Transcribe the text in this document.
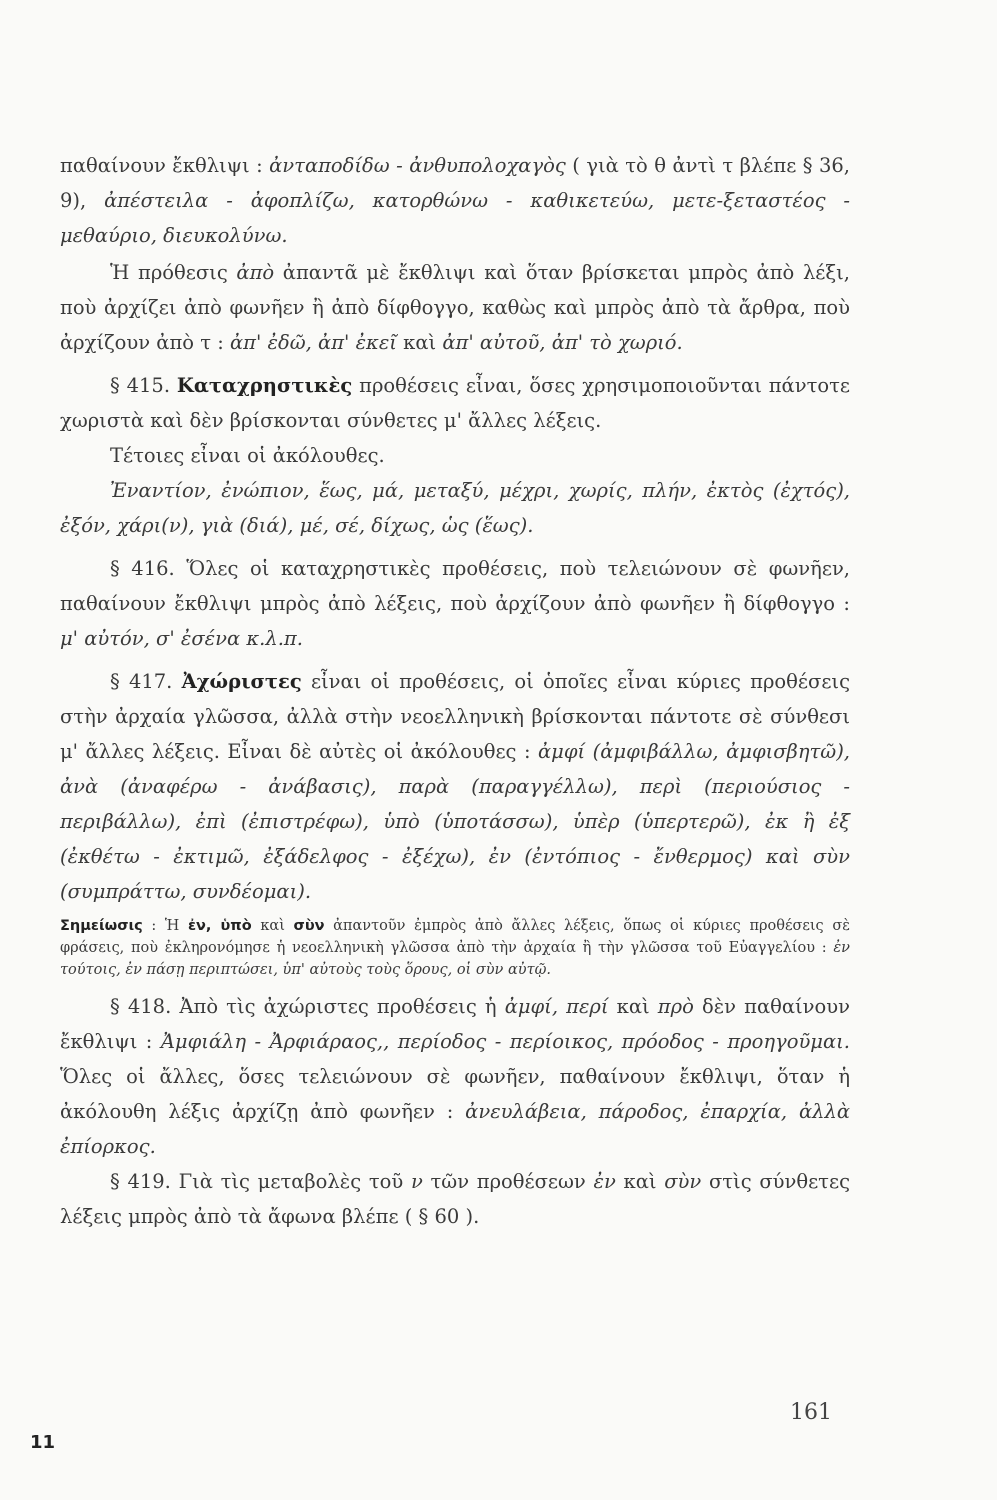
παθαίνουν ἔκθλιψι : ἀνταποδίδω - ἀνθυπολοχαγὸς ( γιὰ τὸ θ ἀντὶ τ βλέπε § 36, 9), ἀπέστειλα - ἀφοπλίζω, κατορθώνω - καθικετεύω, μετε-ξεταστέος - μεθαύριο, διευκολύνω.

Ἡ πρόθεσις ἀπὸ ἀπαντᾶ μὲ ἔκθλιψι καὶ ὅταν βρίσκεται μπρὸς ἀπὸ λέξι, ποὺ ἀρχίζει ἀπὸ φωνῆεν ἢ ἀπὸ δίφθογγο, καθὼς καὶ μπρὸς ἀπὸ τὰ ἄρθρα, ποὺ ἀρχίζουν ἀπὸ τ : ἀπ' ἐδῶ, ἀπ' ἐκεῖ καὶ ἀπ' αὐτοῦ, ἀπ' τὸ χωριό.

§ 415. Καταχρηστικὲς προθέσεις εἶναι, ὅσες χρησιμοποιοῦνται πάντοτε χωριστὰ καὶ δὲν βρίσκονται σύνθετες μ' ἄλλες λέξεις.

Τέτοιες εἶναι οἱ ἀκόλουθες.

Ἐναντίον, ἐνώπιον, ἕως, μά, μεταξύ, μέχρι, χωρίς, πλήν, ἐκτὸς (ἐχτός), ἐξόν, χάρι(ν), γιὰ (διά), μέ, σέ, δίχως, ὡς (ἕως).

§ 416. Ὅλες οἱ καταχρηστικὲς προθέσεις, ποὺ τελειώνουν σὲ φωνῆεν, παθαίνουν ἔκθλιψι μπρὸς ἀπὸ λέξεις, ποὺ ἀρχίζουν ἀπὸ φωνῆεν ἢ δίφθογγο : μ' αὐτόν, σ' ἐσένα κ.λ.π.

§ 417. Ἀχώριστες εἶναι οἱ προθέσεις, οἱ ὁποῖες εἶναι κύριες προθέσεις στὴν ἀρχαία γλῶσσα, ἀλλὰ στὴν νεοελληνικὴ βρίσκονται πάντοτε σὲ σύνθεσι μ' ἄλλες λέξεις. Εἶναι δὲ αὐτὲς οἱ ἀκόλουθες : ἀμφί (ἀμφιβάλλω, ἀμφισβητῶ), ἀνὰ (ἀναφέρω - ἀνάβασις), παρὰ (παραγγέλλω), περὶ (περιούσιος - περιβάλλω), ἐπὶ (ἐπιστρέφω), ὑπὸ (ὑποτάσσω), ὑπὲρ (ὑπερτερῶ), ἐκ ἢ ἐξ (ἐκθέτω - ἐκτιμῶ, ἐξάδελφος - ἐξέχω), ἐν (ἐντόπιος - ἔνθερμος) καὶ σὺν (συμπράττω, συνδέομαι).

Σημείωσις : Ἡ ἐν, ὑπὸ καὶ σὺν ἀπαντοῦν ἐμπρὸς ἀπὸ ἄλλες λέξεις, ὅπως οἱ κύριες προθέσεις σὲ φράσεις, ποὺ ἐκληρονόμησε ἡ νεοελληνικὴ γλῶσσα ἀπὸ τὴν ἀρχαία ἢ τὴν γλῶσσα τοῦ Εὐαγγελίου : ἐν τούτοις, ἐν πάσῃ περιπτώσει, ὑπ' αὐτοὺς τοὺς ὅρους, οἱ σὺν αὐτῷ.

§ 418. Ἀπὸ τὶς ἀχώριστες προθέσεις ἡ ἀμφί, περί καὶ πρὸ δὲν παθαίνουν ἔκθλιψι : Ἀμφιάλη - Ἀρφιάραος,, περίοδος - περίοικος, πρόοδος - προηγοῦμαι. Ὅλες οἱ ἄλλες, ὅσες τελειώνουν σὲ φωνῆεν, παθαίνουν ἔκθλιψι, ὅταν ἡ ἀκόλουθη λέξις ἀρχίζῃ ἀπὸ φωνῆεν : ἀνευλάβεια, πάροδος, ἐπαρχία, ἀλλὰ ἐπίορκος.

§ 419. Γιὰ τὶς μεταβολὲς τοῦ ν τῶν προθέσεων ἐν καὶ σὺν στὶς σύνθετες λέξεις μπρὸς ἀπὸ τὰ ἄφωνα βλέπε ( § 60 ).

161
11
